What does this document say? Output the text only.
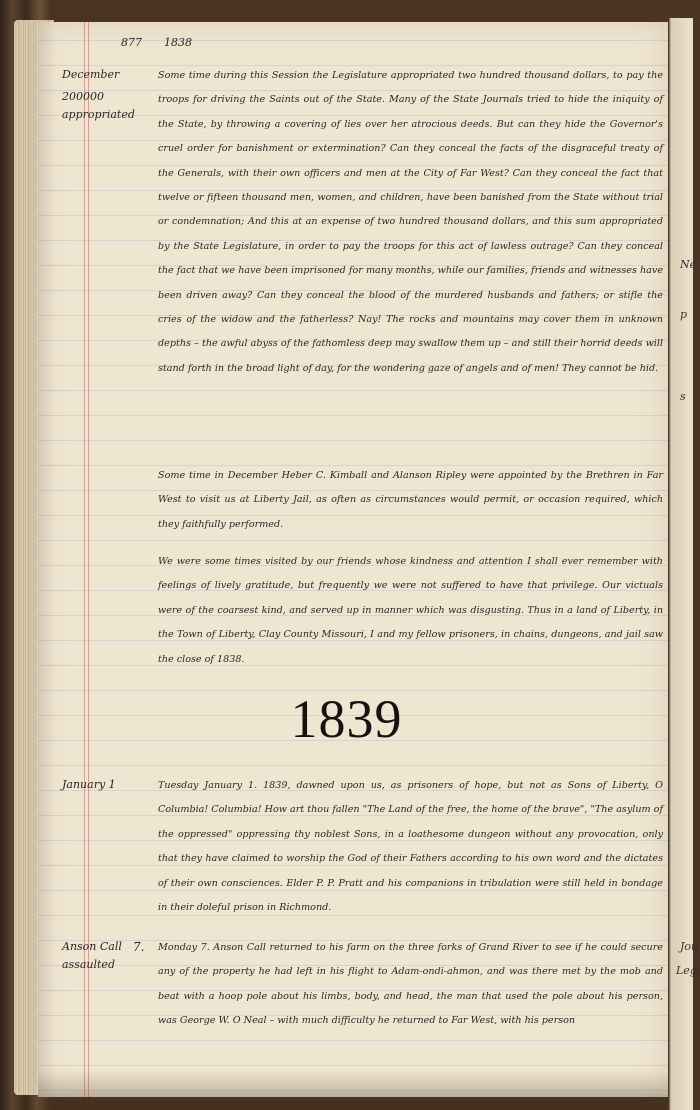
Ne
p
s
Jou
Legi
877 1838
December
200000 appropriated
Some time during this Session the Legislature appropriated two hundred thousand dollars, to pay the troops for driving the Saints out of the State. Many of the State Journals tried to hide the iniquity of the State, by throwing a covering of lies over her atrocious deeds. But can they hide the Governor's cruel order for banishment or extermination? Can they conceal the facts of the disgraceful treaty of the Generals, with their own officers and men at the City of Far West? Can they conceal the fact that twelve or fifteen thousand men, women, and children, have been banished from the State without trial or condemnation; And this at an expense of two hundred thousand dollars, and this sum appropriated by the State Legislature, in order to pay the troops for this act of lawless outrage? Can they conceal the fact that we have been imprisoned for many months, while our families, friends and witnesses have been driven away? Can they conceal the blood of the murdered husbands and fathers; or stifle the cries of the widow and the fatherless? Nay! The rocks and mountains may cover them in unknown depths – the awful abyss of the fathomless deep may swallow them up – and still their horrid deeds will stand forth in the broad light of day, for the wondering gaze of angels and of men! They cannot be hid.
Some time in December Heber C. Kimball and Alanson Ripley were appointed by the Brethren in Far West to visit us at Liberty Jail, as often as circumstances would permit, or occasion required, which they faithfully performed.
We were some times visited by our friends whose kindness and attention I shall ever remember with feelings of lively gratitude, but frequently we were not suffered to have that privilege. Our victuals were of the coarsest kind, and served up in manner which was disgusting. Thus in a land of Liberty, in the Town of Liberty, Clay County Missouri, I and my fellow prisoners, in chains, dungeons, and jail saw the close of 1838.
1839
January 1	Tuesday January 1. 1839, dawned upon us, as prisoners of hope, but not as Sons of Liberty, O Columbia! Columbia! How art thou fallen "The Land of the free, the home of the brave", "The asylum of the oppressed" oppressing thy noblest Sons, in a loathesome dungeon without any provocation, only that they have claimed to worship the God of their Fathers according to his own word and the dictates of their own consciences. Elder P. P. Pratt and his companions in tribulation were still held in bondage in their doleful prison in Richmond.
Anson Call assaulted
7. Monday 7. Anson Call returned to his farm on the three forks of Grand River to see if he could secure any of the property he had left in his flight to Adam-ondi-ahmon, and was there met by the mob and beat with a hoop pole about his limbs, body, and head, the man that used the pole about his person, was George W. O Neal – with much difficulty he returned to Far West, with his person
